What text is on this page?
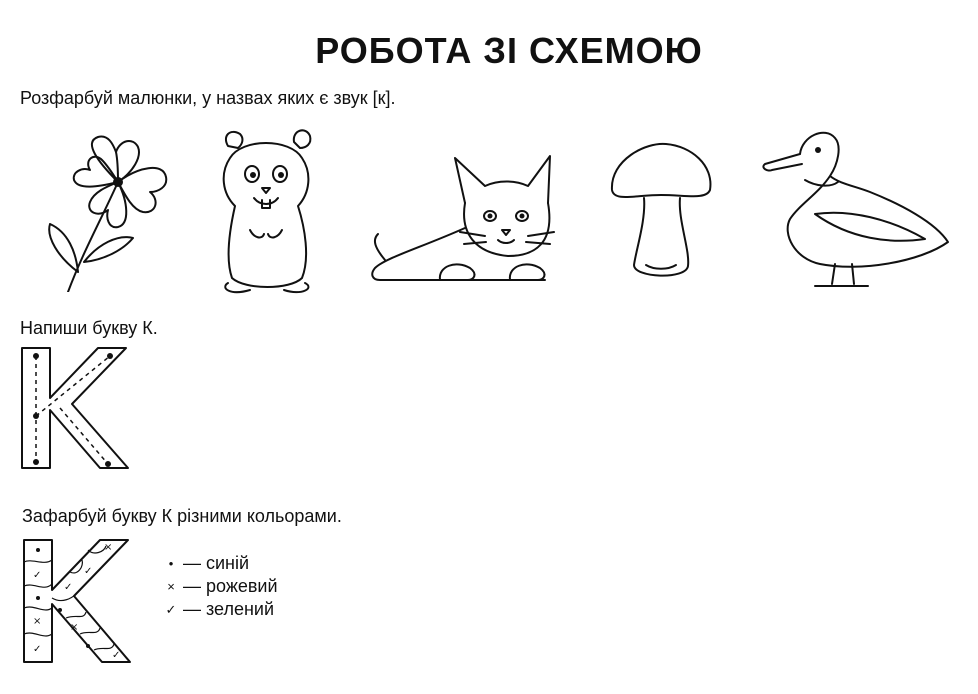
РОБОТА ЗІ СХЕМОЮ
Розфарбуй малюнки, у назвах яких є звук [к].
Напиши букву К.
Зафарбуй букву К різними кольорами.
✓
×
✓
✓
✓
×
×
✓
• — синій
× — рожевий
✓ — зелений
